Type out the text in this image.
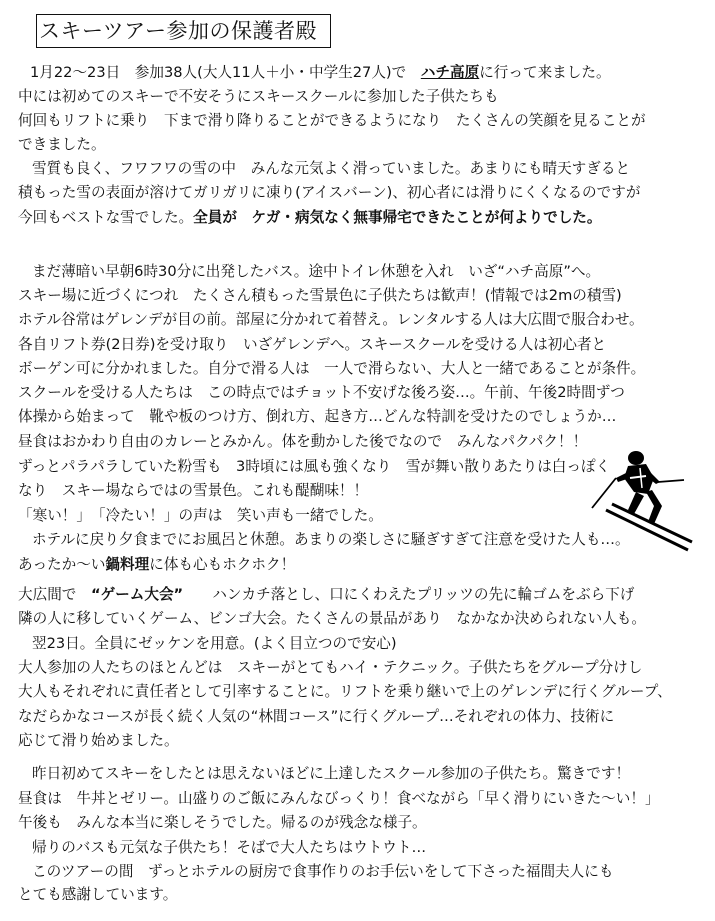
スキーツアー参加の保護者殿
1月22～23日　参加38人(大人11人＋小・中学生27人)で　ハチ高原に行って来ました。
中には初めてのスキーで不安そうにスキースクールに参加した子供たちも
何回もリフトに乗り　下まで滑り降りることができるようになり　たくさんの笑顔を見ることが
できました。
雪質も良く、フワフワの雪の中　みんな元気よく滑っていました。あまりにも晴天すぎると
積もった雪の表面が溶けてガリガリに凍り(アイスバーン)、初心者には滑りにくくなるのですが
今回もベストな雪でした。全員が　ケガ・病気なく無事帰宅できたことが何よりでした。
まだ薄暗い早朝6時30分に出発したバス。途中トイレ休憩を入れ　いざ“ハチ高原”へ。
スキー場に近づくにつれ　たくさん積もった雪景色に子供たちは歓声！(情報では2mの積雪)
ホテル谷常はゲレンデが目の前。部屋に分かれて着替え。レンタルする人は大広間で服合わせ。
各自リフト券(2日券)を受け取り　いざゲレンデへ。スキースクールを受ける人は初心者と
ボーゲン可に分かれました。自分で滑る人は　一人で滑らない、大人と一緒であることが条件。
スクールを受ける人たちは　この時点ではチョット不安げな後ろ姿…。午前、午後2時間ずつ
体操から始まって　靴や板のつけ方、倒れ方、起き方…どんな特訓を受けたのでしょうか…
昼食はおかわり自由のカレーとみかん。体を動かした後でなので　みんなパクパク！！
ずっとパラパラしていた粉雪も　3時頃には風も強くなり　雪が舞い散りあたりは白っぽく
なり　スキー場ならではの雪景色。これも醍醐味！！
「寒い！」　「冷たい！」の声は　笑い声も一緒でした。
ホテルに戻り夕食までにお風呂と休憩。あまりの楽しさに騒ぎすぎて注意を受けた人も…。
あったか～い鍋料理に体も心もホクホク！
大広間で　“ゲーム大会”　　ハンカチ落とし、口にくわえたプリッツの先に輪ゴムをぶら下げ
隣の人に移していくゲーム、ビンゴ大会。たくさんの景品があり　なかなか決められない人も。
翌23日。全員にゼッケンを用意。(よく目立つので安心)
大人参加の人たちのほとんどは　スキーがとてもハイ・テクニック。子供たちをグループ分けし
大人もそれぞれに責任者として引率することに。リフトを乗り継いで上のゲレンデに行くグループ、
なだらかなコースが長く続く人気の“林間コース”に行くグループ…それぞれの体力、技術に
応じて滑り始めました。
昨日初めてスキーをしたとは思えないほどに上達したスクール参加の子供たち。驚きです！
昼食は　牛丼とゼリー。山盛りのご飯にみんなびっくり！食べながら「早く滑りにいきた～い！」
午後も　みんな本当に楽しそうでした。帰るのが残念な様子。
帰りのバスも元気な子供たち！そばで大人たちはウトウト…
このツアーの間　ずっとホテルの厨房で食事作りのお手伝いをして下さった福間夫人にも
とても感謝しています。
